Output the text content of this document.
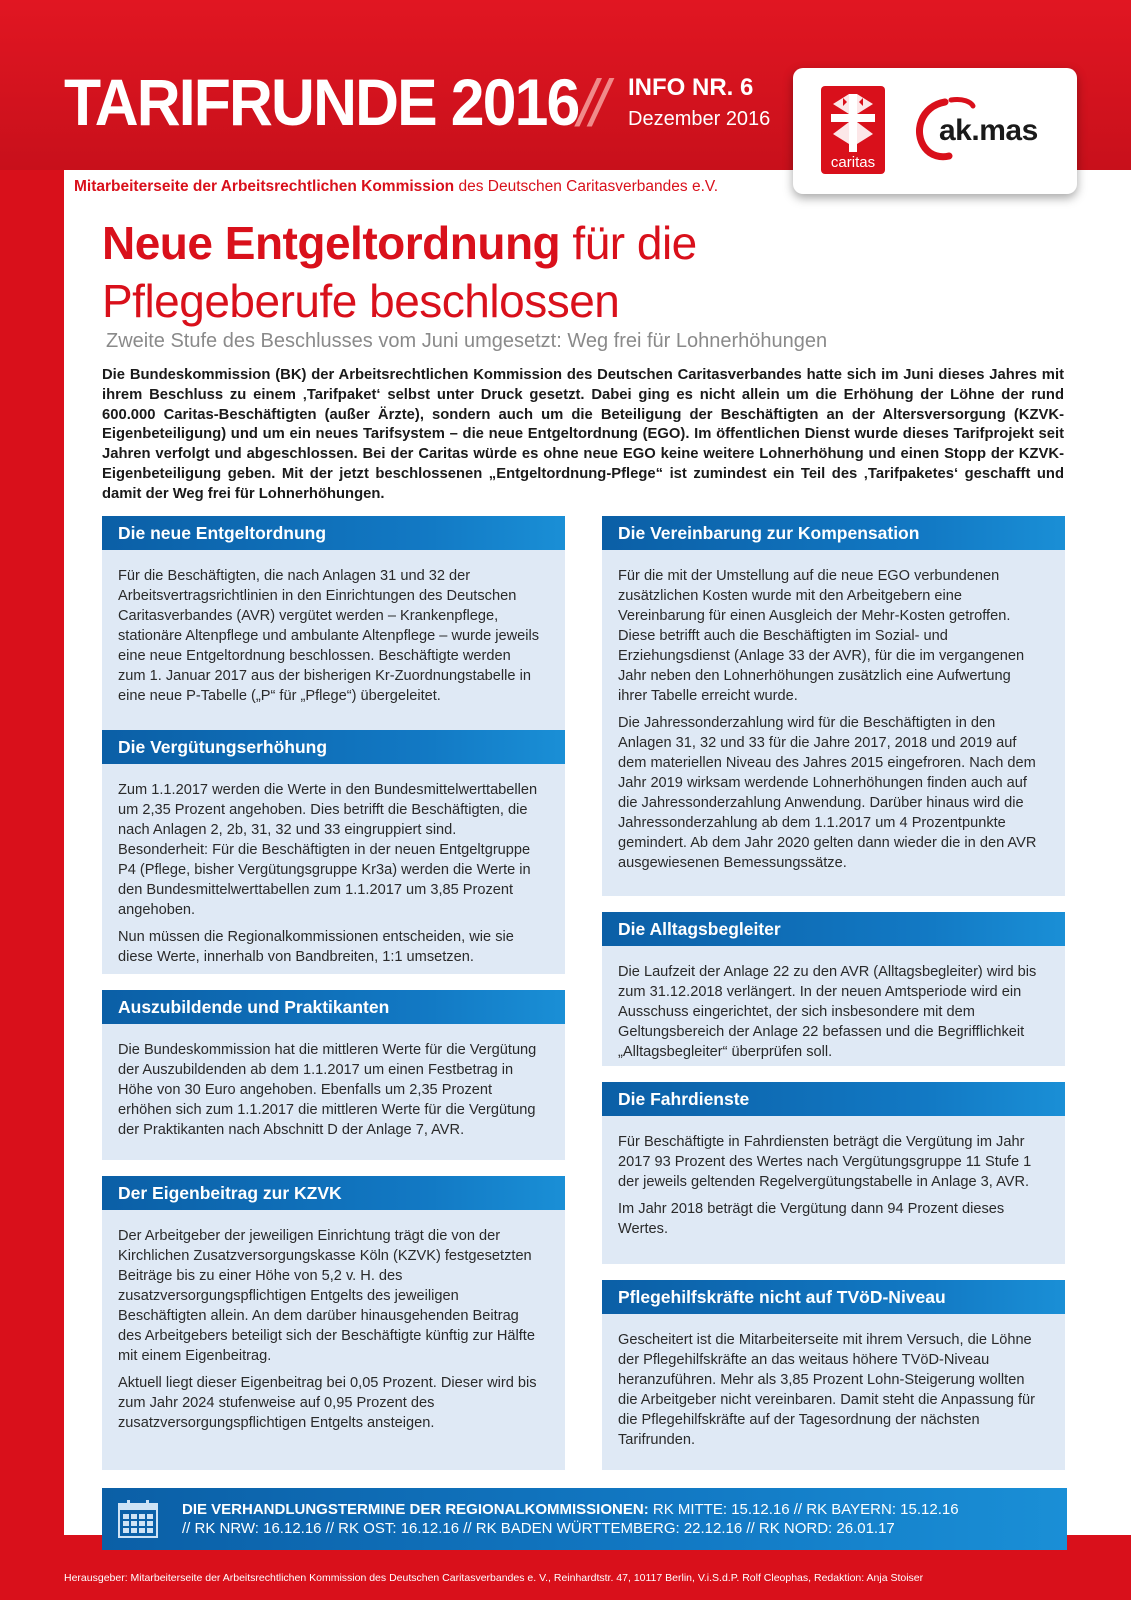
TARIFRUNDE 2016 // INFO NR. 6
Dezember 2016
caritas
ak.mas
Mitarbeiterseite der Arbeitsrechtlichen Kommission des Deutschen Caritasverbandes e.V.
Neue Entgeltordnung für die
Pflegeberufe beschlossen
Zweite Stufe des Beschlusses vom Juni umgesetzt: Weg frei für Lohnerhöhungen
Die Bundeskommission (BK) der Arbeitsrechtlichen Kommission des Deutschen Caritasverbandes hatte sich im Juni dieses Jahres mit ihrem Beschluss zu einem ‚Tarifpaket‘ selbst unter Druck gesetzt. Dabei ging es nicht allein um die Erhöhung der Löhne der rund 600.000 Caritas-Beschäftigten (außer Ärzte), sondern auch um die Beteiligung der Beschäftigten an der Altersversorgung (KZVK-Eigenbeteiligung) und um ein neues Tarifsystem – die neue Entgeltordnung (EGO). Im öffentlichen Dienst wurde dieses Tarifprojekt seit Jahren verfolgt und abgeschlossen. Bei der Caritas würde es ohne neue EGO keine weitere Lohnerhöhung und einen Stopp der KZVK-Eigenbeteiligung geben. Mit der jetzt beschlossenen „Entgeltordnung-Pflege“ ist zumindest ein Teil des ‚Tarifpaketes‘ geschafft und damit der Weg frei für Lohnerhöhungen.
Die neue Entgeltordnung

Für die Beschäftigten, die nach Anlagen 31 und 32 der Arbeitsvertragsrichtlinien in den Einrichtungen des Deutschen Caritasverbandes (AVR) vergütet werden – Krankenpflege, stationäre Altenpflege und ambulante Altenpflege – wurde jeweils eine neue Entgeltordnung beschlossen. Beschäftigte werden zum 1. Januar 2017 aus der bisherigen Kr-Zuordnungstabelle in eine neue P-Tabelle („P“ für „Pflege“) übergeleitet.

Die Vergütungserhöhung

Zum 1.1.2017 werden die Werte in den Bundesmittelwerttabellen um 2,35 Prozent angehoben. Dies betrifft die Beschäftigten, die nach Anlagen 2, 2b, 31, 32 und 33 eingruppiert sind. Besonderheit: Für die Beschäftigten in der neuen Entgeltgruppe P4 (Pflege, bisher Vergütungsgruppe Kr3a) werden die Werte in den Bundesmittelwerttabellen zum 1.1.2017 um 3,85 Prozent angehoben.

Nun müssen die Regionalkommissionen entscheiden, wie sie diese Werte, innerhalb von Bandbreiten, 1:1 umsetzen.

Auszubildende und Praktikanten

Die Bundeskommission hat die mittleren Werte für die Vergütung der Auszubildenden ab dem 1.1.2017 um einen Festbetrag in Höhe von 30 Euro angehoben. Ebenfalls um 2,35 Prozent erhöhen sich zum 1.1.2017 die mittleren Werte für die Vergütung der Praktikanten nach Abschnitt D der Anlage 7, AVR.

Der Eigenbeitrag zur KZVK

Der Arbeitgeber der jeweiligen Einrichtung trägt die von der Kirchlichen Zusatzversorgungskasse Köln (KZVK) festgesetzten Beiträge bis zu einer Höhe von 5,2 v. H. des zusatzversorgungspflichtigen Entgelts des jeweiligen Beschäftigten allein. An dem darüber hinausgehenden Beitrag des Arbeitgebers beteiligt sich der Beschäftigte künftig zur Hälfte mit einem Eigenbeitrag.

Aktuell liegt dieser Eigenbeitrag bei 0,05 Prozent. Dieser wird bis zum Jahr 2024 stufenweise auf 0,95 Prozent des zusatzversorgungspflichtigen Entgelts ansteigen.

Die Vereinbarung zur Kompensation

Für die mit der Umstellung auf die neue EGO verbundenen zusätzlichen Kosten wurde mit den Arbeitgebern eine Vereinbarung für einen Ausgleich der Mehr-Kosten getroffen. Diese betrifft auch die Beschäftigten im Sozial- und Erziehungsdienst (Anlage 33 der AVR), für die im vergangenen Jahr neben den Lohnerhöhungen zusätzlich eine Aufwertung ihrer Tabelle erreicht wurde.

Die Jahressonderzahlung wird für die Beschäftigten in den Anlagen 31, 32 und 33 für die Jahre 2017, 2018 und 2019 auf dem materiellen Niveau des Jahres 2015 eingefroren. Nach dem Jahr 2019 wirksam werdende Lohnerhöhungen finden auch auf die Jahressonderzahlung Anwendung. Darüber hinaus wird die Jahressonderzahlung ab dem 1.1.2017 um 4 Prozentpunkte gemindert. Ab dem Jahr 2020 gelten dann wieder die in den AVR ausgewiesenen Bemessungssätze.

Die Alltagsbegleiter

Die Laufzeit der Anlage 22 zu den AVR (Alltagsbegleiter) wird bis zum 31.12.2018 verlängert. In der neuen Amtsperiode wird ein Ausschuss eingerichtet, der sich insbesondere mit dem Geltungsbereich der Anlage 22 befassen und die Begrifflichkeit „Alltagsbegleiter“ überprüfen soll.

Die Fahrdienste

Für Beschäftigte in Fahrdiensten beträgt die Vergütung im Jahr 2017 93 Prozent des Wertes nach Vergütungsgruppe 11 Stufe 1 der jeweils geltenden Regelvergütungstabelle in Anlage 3, AVR.

Im Jahr 2018 beträgt die Vergütung dann 94 Prozent dieses Wertes.

Pflegehilfskräfte nicht auf TVöD-Niveau

Gescheitert ist die Mitarbeiterseite mit ihrem Versuch, die Löhne der Pflegehilfskräfte an das weitaus höhere TVöD-Niveau heranzuführen. Mehr als 3,85 Prozent Lohn-Steigerung wollten die Arbeitgeber nicht vereinbaren. Damit steht die Anpassung für die Pflegehilfskräfte auf der Tagesordnung der nächsten Tarifrunden.

DIE VERHANDLUNGSTERMINE DER REGIONALKOMMISSIONEN: RK MITTE: 15.12.16 // RK BAYERN: 15.12.16
// RK NRW: 16.12.16 // RK OST: 16.12.16 // RK BADEN WÜRTTEMBERG: 22.12.16 // RK NORD: 26.01.17
Herausgeber: Mitarbeiterseite der Arbeitsrechtlichen Kommission des Deutschen Caritasverbandes e. V., Reinhardtstr. 47, 10117 Berlin, V.i.S.d.P. Rolf Cleophas, Redaktion: Anja Stoiser
